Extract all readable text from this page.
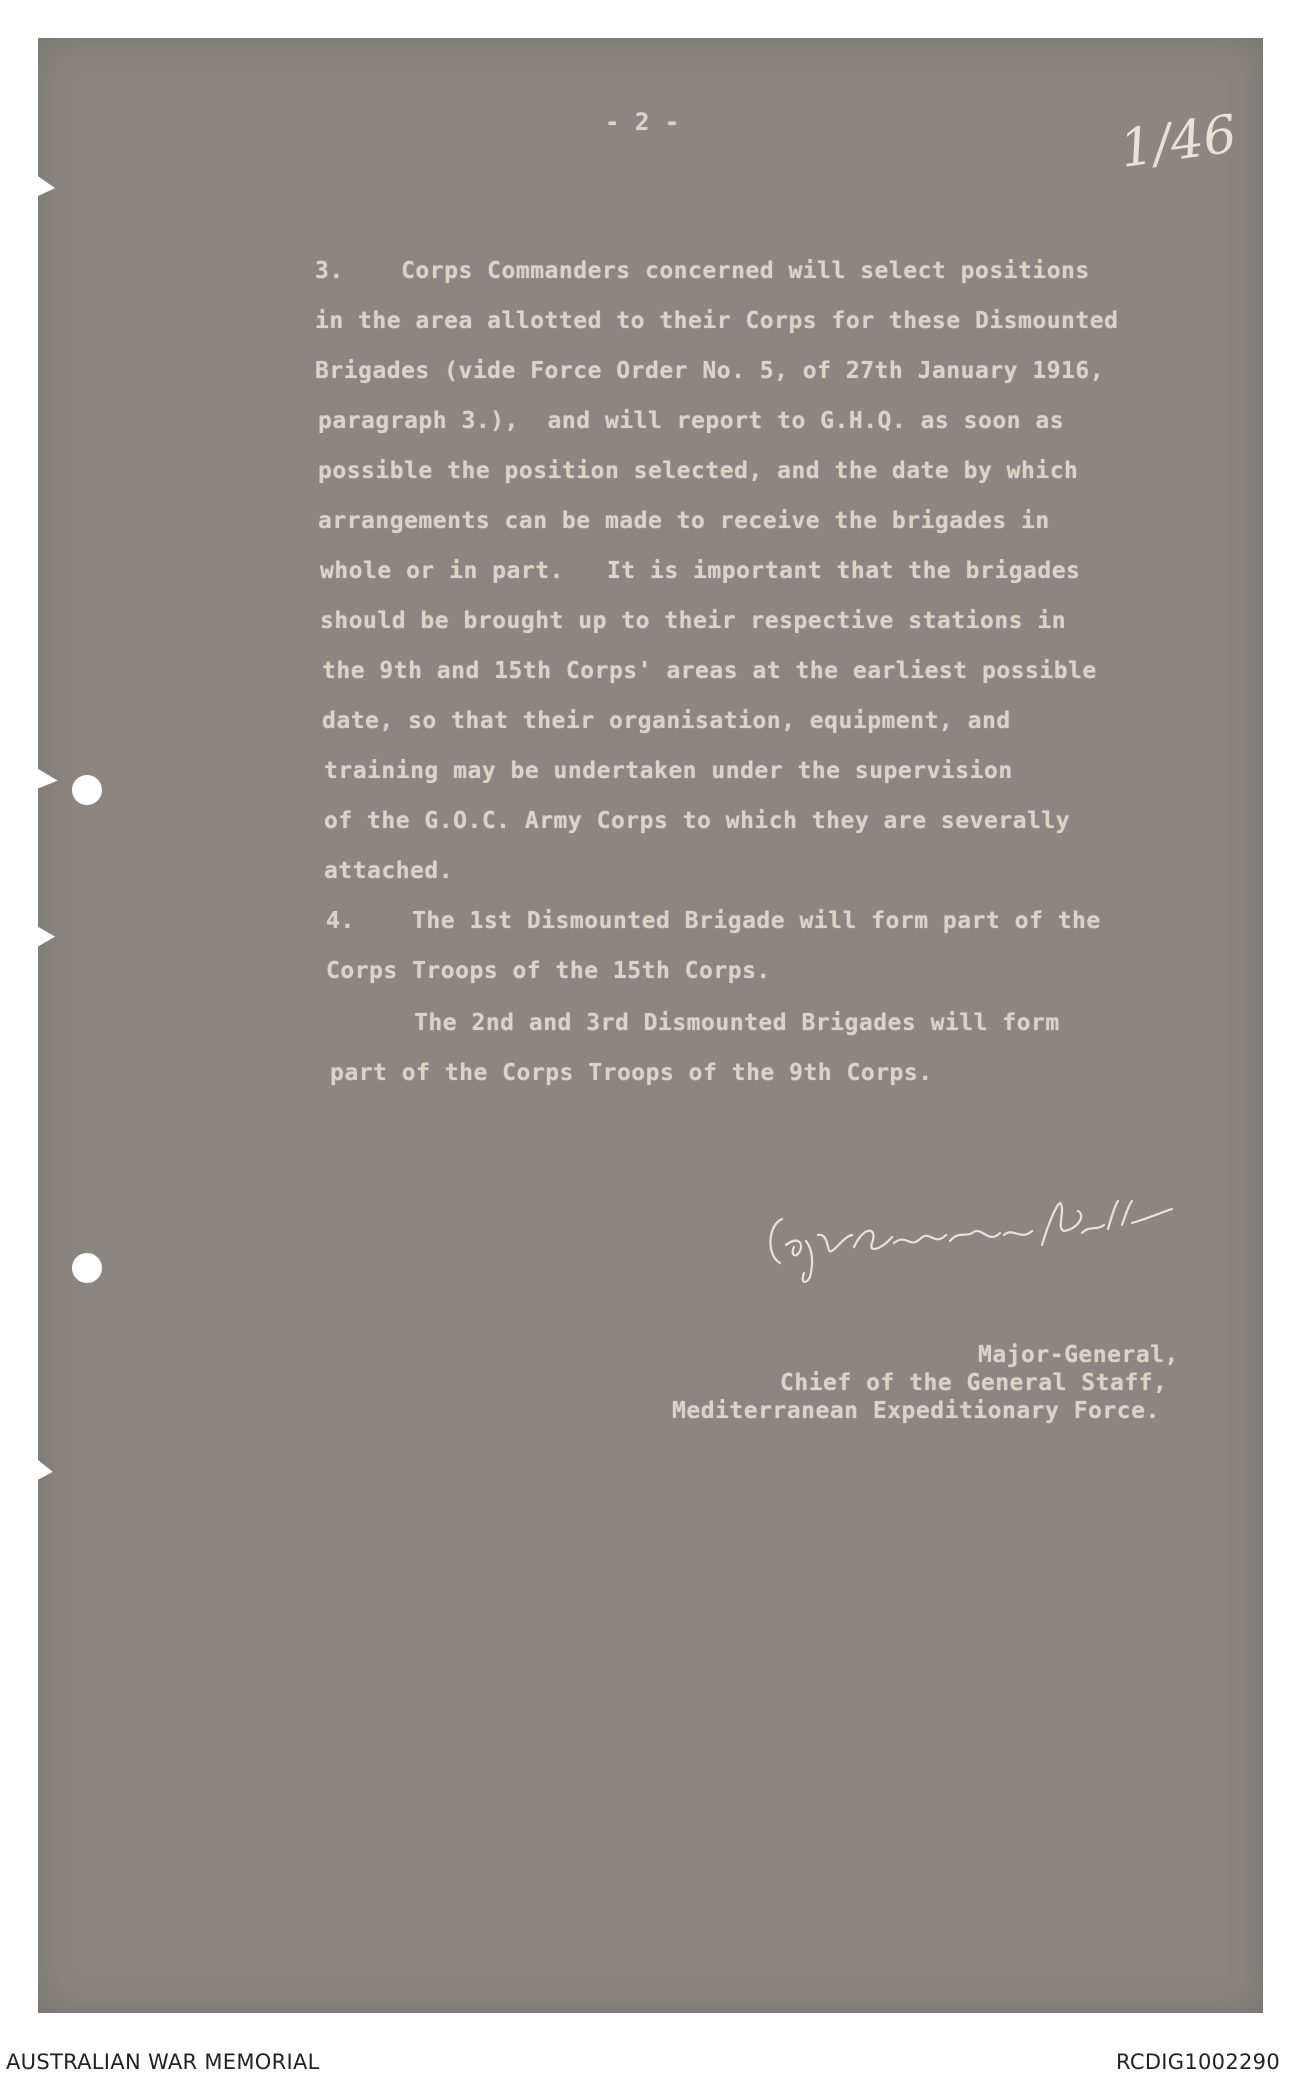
- 2 -	1/46
3.    Corps Commanders concerned will select positions
in the area allotted to their Corps for these Dismounted
Brigades (vide Force Order No. 5, of 27th January 1916,
paragraph 3.),  and will report to G.H.Q. as soon as
possible the position selected, and the date by which
arrangements can be made to receive the brigades in
whole or in part.   It is important that the brigades
should be brought up to their respective stations in
the 9th and 15th Corps' areas at the earliest possible
date, so that their organisation, equipment, and
training may be undertaken under the supervision
of the G.O.C. Army Corps to which they are severally
attached.
4.    The 1st Dismounted Brigade will form part of the
Corps Troops of the 15th Corps.
The 2nd and 3rd Dismounted Brigades will form
part of the Corps Troops of the 9th Corps.
Major-General,
Chief of the General Staff,
Mediterranean Expeditionary Force.
AUSTRALIAN WAR MEMORIAL	RCDIG1002290
